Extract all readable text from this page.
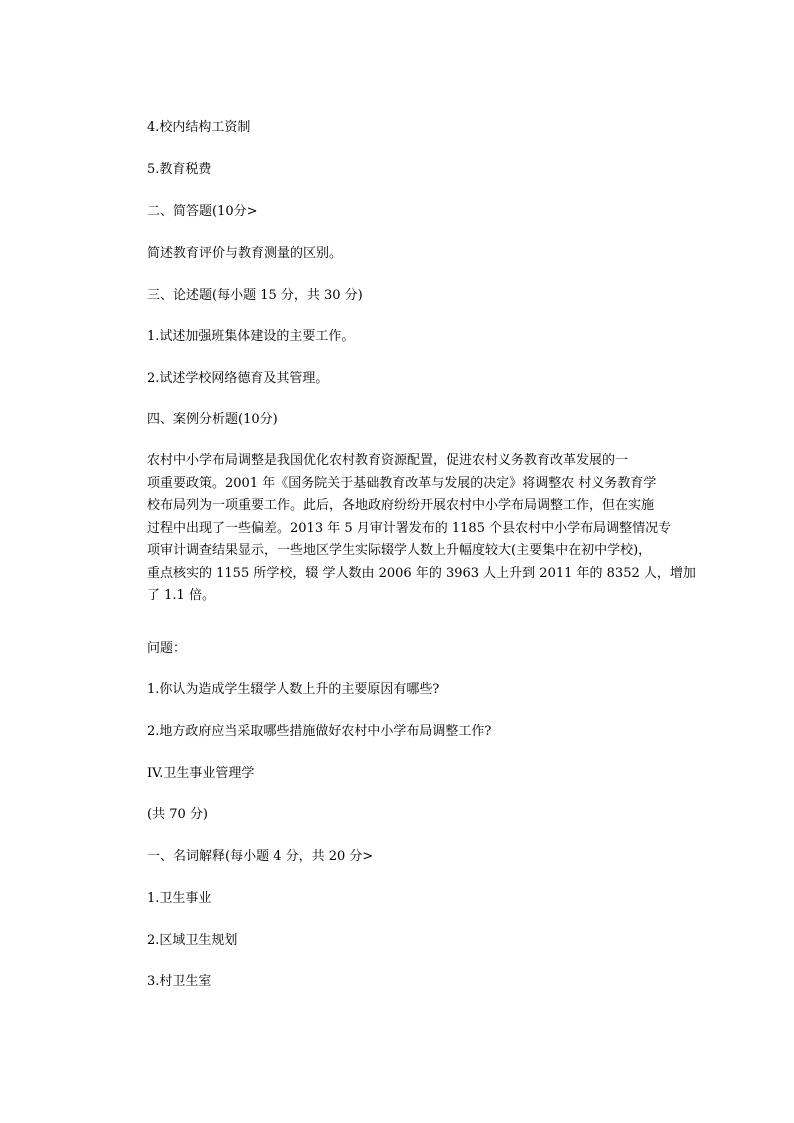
4.校内结构工资制

5.教育税费

二、简答题(10分>

简述教育评价与教育测量的区别。

三、论述题(每小题 15 分，共 30 分)

1.试述加强班集体建设的主要工作。

2.试述学校网络德育及其管理。

四、案例分析题(10分)

农村中小学布局调整是我国优化农村教育资源配置，促进农村义务教育改革发展的一
项重要政策。2001 年《国务院关于基础教育改革与发展的决定》将调整农 村义务教育学
校布局列为一项重要工作。此后，各地政府纷纷开展农村中小学布局调整工作，但在实施
过程中出现了一些偏差。2013 年 5 月审计署发布的 1185 个县农村中小学布局调整情况专
项审计调查结果显示，一些地区学生实际辍学人数上升幅度较大(主要集中在初中学校)，
重点核实的 1155 所学校，辍 学人数由 2006 年的 3963 人上升到 2011 年的 8352 人，增加
了 1.1 倍。

问题：

1.你认为造成学生辍学人数上升的主要原因有哪些?

2.地方政府应当采取哪些措施做好农村中小学布局调整工作?

IV.卫生事业管理学

(共 70 分)

一、名词解释(每小题 4 分，共 20 分>

1.卫生事业

2.区域卫生规划

3.村卫生室
